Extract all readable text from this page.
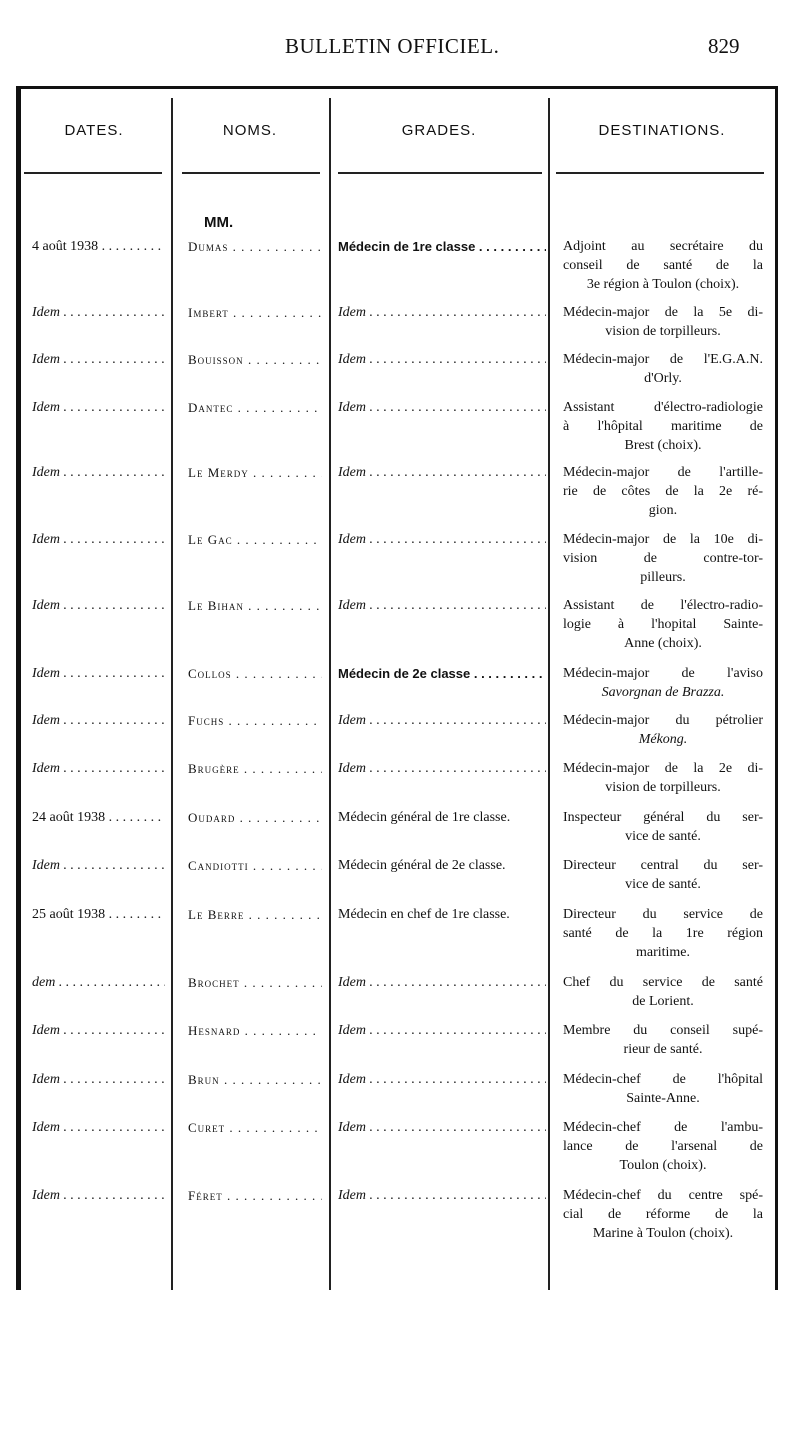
BULLETIN OFFICIEL.	829
DATES.	NOMS.	GRADES.	DESTINATIONS.
MM.
4 août 1938 . . .	Dumas . . .	Médecin de 1re classe . . .	Adjoint au secrétaire du
conseil de santé de la
3e région à Toulon (choix).
Idem . . .	Imbert . . .	Idem . . .	Médecin-major de la 5e di-
vision de torpilleurs.
Idem . . .	Bouisson . . .	Idem . . .	Médecin-major de l'E.G.A.N.
d'Orly.
Idem . . .	Dantec . . .	Idem . . .	Assistant d'électro-radiologie
à l'hôpital maritime de
Brest (choix).
Idem . . .	Le Merdy . . .	Idem . . .	Médecin-major de l'artille-
rie de côtes de la 2e ré-
gion.
Idem . . .	Le Gac . . .	Idem . . .	Médecin-major de la 10e di-
vision de contre-tor-
pilleurs.
Idem . . .	Le Bihan . . .	Idem . . .	Assistant de l'électro-radio-
logie à l'hopital Sainte-
Anne (choix).
Idem . . .	Collos . . .	Médecin de 2e classe . . .	Médecin-major de l'aviso
Savorgnan de Brazza.
Idem . . .	Fuchs . . .	Idem . . .	Médecin-major du pétrolier
Mékong.
Idem . . .	Brugère . . .	Idem . . .	Médecin-major de la 2e di-
vision de torpilleurs.
24 août 1938 . . .	Oudard . . .	Médecin général de 1re classe.	Inspecteur général du ser-
vice de santé.
Idem . . .	Candiotti . . .	Médecin général de 2e classe.	Directeur central du ser-
vice de santé.
25 août 1938 . . .	Le Berre . . .	Médecin en chef de 1re classe.	Directeur du service de
santé de la 1re région
maritime.
dem . . .	Brochet . . .	Idem . . .	Chef du service de santé
de Lorient.
Idem . . .	Hesnard . . .	Idem . . .	Membre du conseil supé-
rieur de santé.
Idem . . .	Brun . . .	Idem . . .	Médecin-chef de l'hôpital
Sainte-Anne.
Idem . . .	Curet . . .	Idem . . .	Médecin-chef de l'ambu-
lance de l'arsenal de
Toulon (choix).
Idem . . .	Féret . . .	Idem . . .	Médecin-chef du centre spé-
cial de réforme de la
Marine à Toulon (choix).
